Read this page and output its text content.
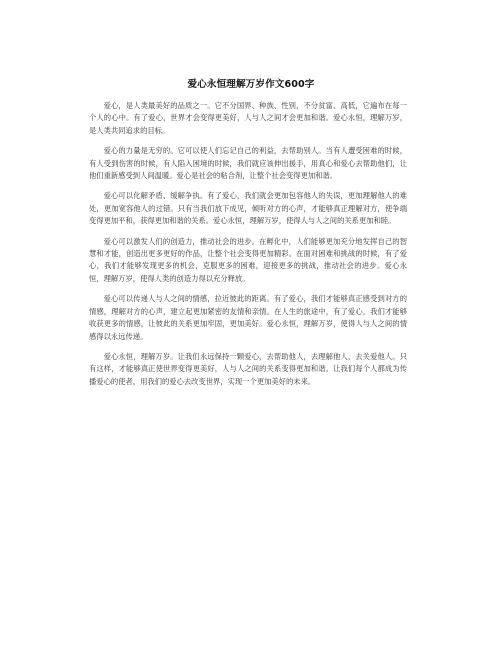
爱心永恒理解万岁作文600字

爱心，是人类最美好的品质之一。它不分国界、种族、性别，不分贫富、高低，它遍布在每一个人的心中。有了爱心，世界才会变得更美好，人与人之间才会更加和谐。爱心永恒，理解万岁，是人类共同追求的目标。

爱心的力量是无穷的。它可以使人们忘记自己的利益，去帮助别人。当有人遭受困难的时候，有人受到伤害的时候，有人陷入困境的时候，我们就应该伸出援手，用真心和爱心去帮助他们，让他们重新感受到人间温暖。爱心是社会的粘合剂，让整个社会变得更加和谐。

爱心可以化解矛盾、缓解争执。有了爱心，我们就会更加包容他人的失误，更加理解他人的难处，更加宽容他人的过错。只有当我们放下成见，倾听对方的心声，才能够真正理解对方，使争端变得更加平和，获得更加和谐的关系。爱心永恒，理解万岁，使得人与人之间的关系更加和睦。

爱心可以激发人们的创造力，推动社会的进步。在孵化中，人们能够更加充分地发挥自己的智慧和才能，创造出更多更好的作品，让整个社会变得更加精彩。在面对困难和挑战的时候，有了爱心，我们才能够发现更多的机会，克服更多的困难，迎接更多的挑战，推动社会的进步。爱心永恒，理解万岁，使得人类的创造力得以充分释放。

爱心可以传递人与人之间的情感，拉近彼此的距离。有了爱心，我们才能够真正感受到对方的情感，理解对方的心声，建立起更加紧密的友情和亲情。在人生的旅途中，有了爱心，我们才能够收获更多的情感，让彼此的关系更加牢固，更加美好。爱心永恒，理解万岁，使得人与人之间的情感得以永远传递。

爱心永恒，理解万岁。让我们永远保持一颗爱心，去帮助他人，去理解他人，去关爱他人。只有这样，才能够真正使世界变得更美好，人与人之间的关系变得更加和谐。让我们每个人都成为传播爱心的使者，用我们的爱心去改变世界，实现一个更加美好的未来。
